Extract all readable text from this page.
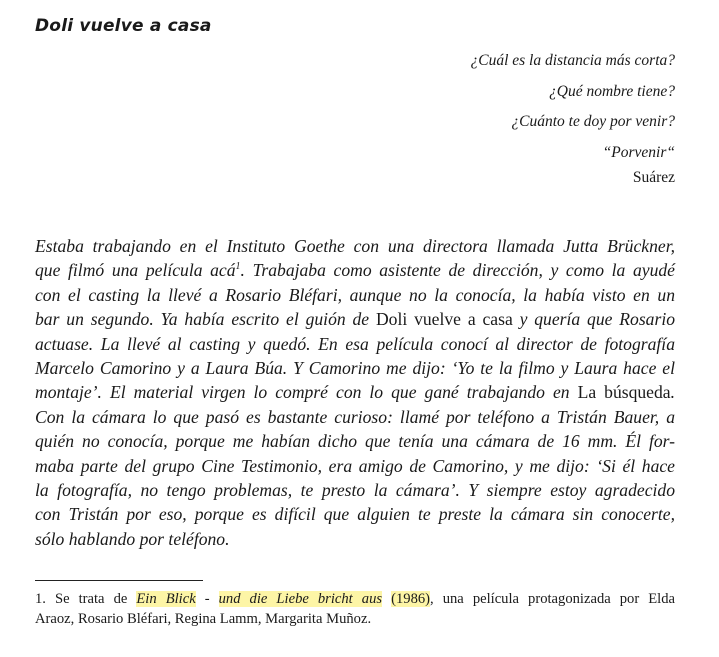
Doli vuelve a casa
¿Cuál es la distancia más corta?
¿Qué nombre tiene?
¿Cuánto te doy por venir?
“Porvenir“
Suárez
Estaba trabajando en el Instituto Goethe con una directora llamada Jutta Brückner,
que filmó una película acá$^1$. Trabajaba como asistente de dirección, y como la ayudé
con el casting la llevé a Rosario Bléfari, aunque no la conocía, la había visto en un
bar un segundo. Ya había escrito el guión de Doli vuelve a casa y quería que Rosario
actuase. La llevé al casting y quedó. En esa película conocí al director de fotografía
Marcelo Camorino y a Laura Búa. Y Camorino me dijo: ‘Yo te la filmo y Laura hace el
montaje’. El material virgen lo compré con lo que gané trabajando en La búsqueda.
Con la cámara lo que pasó es bastante curioso: llamé por teléfono a Tristán Bauer, a
quién no conocía, porque me habían dicho que tenía una cámara de 16 mm. Él for-
maba parte del grupo Cine Testimonio, era amigo de Camorino, y me dijo: ‘Si él hace
la fotografía, no tengo problemas, te presto la cámara’. Y siempre estoy agradecido
con Tristán por eso, porque es difícil que alguien te preste la cámara sin conocerte,
sólo hablando por teléfono.
1. Se trata de Ein Blick - und die Liebe bricht aus (1986), una película protagonizada por Elda
Araoz, Rosario Bléfari, Regina Lamm, Margarita Muñoz.
